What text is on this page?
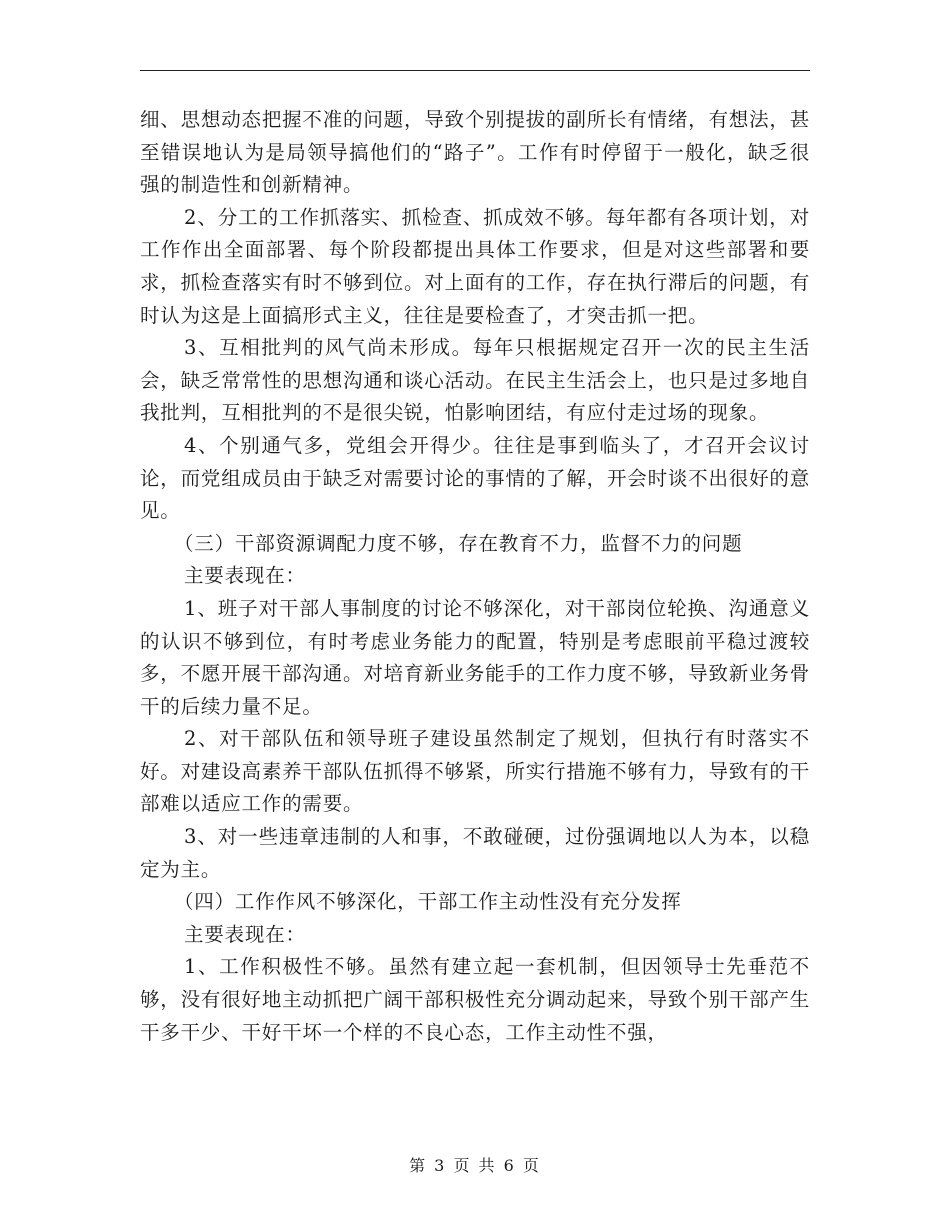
细、思想动态把握不准的问题，导致个别提拔的副所长有情绪，有想法，甚至错误地认为是局领导搞他们的“路子”。工作有时停留于一般化，缺乏很强的制造性和创新精神。

2、分工的工作抓落实、抓检查、抓成效不够。每年都有各项计划，对工作作出全面部署、每个阶段都提出具体工作要求，但是对这些部署和要求，抓检查落实有时不够到位。对上面有的工作，存在执行滞后的问题，有时认为这是上面搞形式主义，往往是要检查了，才突击抓一把。

3、互相批判的风气尚未形成。每年只根据规定召开一次的民主生活会，缺乏常常性的思想沟通和谈心活动。在民主生活会上，也只是过多地自我批判，互相批判的不是很尖锐，怕影响团结，有应付走过场的现象。

4、个别通气多，党组会开得少。往往是事到临头了，才召开会议讨论，而党组成员由于缺乏对需要讨论的事情的了解，开会时谈不出很好的意见。

（三）干部资源调配力度不够，存在教育不力，监督不力的问题

主要表现在：

1、班子对干部人事制度的讨论不够深化，对干部岗位轮换、沟通意义的认识不够到位，有时考虑业务能力的配置，特别是考虑眼前平稳过渡较多，不愿开展干部沟通。对培育新业务能手的工作力度不够，导致新业务骨干的后续力量不足。

2、对干部队伍和领导班子建设虽然制定了规划，但执行有时落实不好。对建设高素养干部队伍抓得不够紧，所实行措施不够有力，导致有的干部难以适应工作的需要。

3、对一些违章违制的人和事，不敢碰硬，过份强调地以人为本，以稳定为主。

（四）工作作风不够深化，干部工作主动性没有充分发挥

主要表现在：

1、工作积极性不够。虽然有建立起一套机制，但因领导士先垂范不够，没有很好地主动抓把广阔干部积极性充分调动起来，导致个别干部产生干多干少、干好干坏一个样的不良心态，工作主动性不强，

第 3 页 共 6 页
